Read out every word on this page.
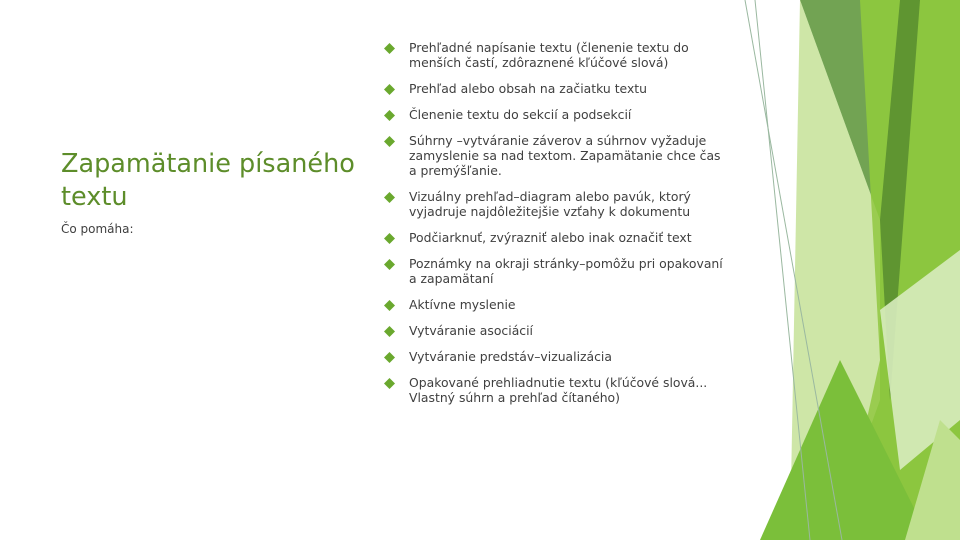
Zapamätanie písaného textu

Čo pomáha:

Prehľadné napísanie textu (členenie textu do menších častí, zdôraznené kľúčové slová)
Prehľad alebo obsah na začiatku textu
Členenie textu do sekcií a podsekcií
Súhrny –vytváranie záverov a súhrnov vyžaduje zamyslenie sa nad textom. Zapamätanie chce čas a premýšľanie.
Vizuálny prehľad–diagram alebo pavúk, ktorý vyjadruje najdôležitejšie vzťahy k dokumentu
Podčiarknuť, zvýrazniť alebo inak označiť text
Poznámky na okraji stránky–pomôžu pri opakovaní a zapamätaní
Aktívne myslenie
Vytváranie asociácií
Vytváranie predstáv–vizualizácia
Opakované prehliadnutie textu (kľúčové slová... Vlastný súhrn a prehľad čítaného)
